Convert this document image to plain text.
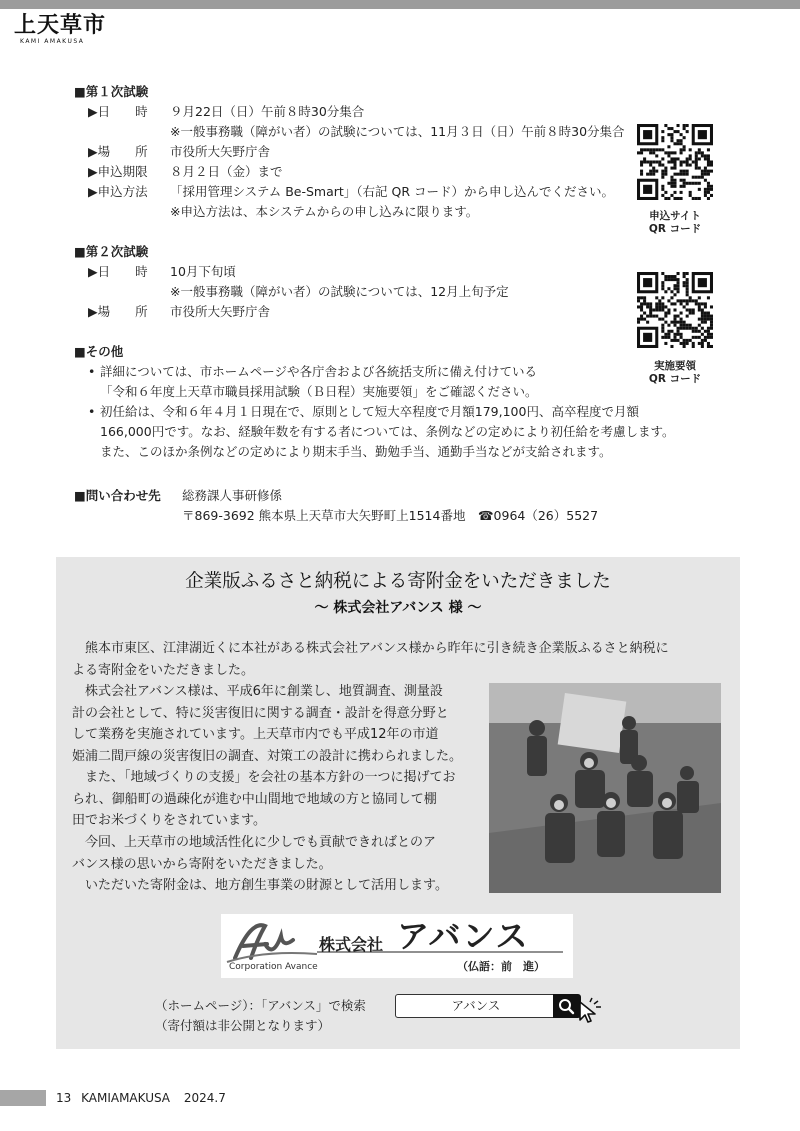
上天草市
KAMI AMAKUSA
■第１次試験
▶日　　時 ９月22日（日）午前８時30分集合
※一般事務職（障がい者）の試験については、11月３日（日）午前８時30分集合
▶場　　所 市役所大矢野庁舎
▶申込期限 ８月２日（金）まで
▶申込方法 「採用管理システム Be-Smart」（右記 QR コード）から申し込んでください。
※申込方法は、本システムからの申し込みに限ります。
■第２次試験
▶日　　時 10月下旬頃
※一般事務職（障がい者）の試験については、12月上旬予定
▶場　　所 市役所大矢野庁舎
申込サイト
QR コード
実施要領
QR コード
■その他
• 詳細については、市ホームページや各庁舎および各統括支所に備え付けている
「令和６年度上天草市職員採用試験（Ｂ日程）実施要領」をご確認ください。
• 初任給は、令和６年４月１日現在で、原則として短大卒程度で月額179,100円、高卒程度で月額
166,000円です。なお、経験年数を有する者については、条例などの定めにより初任給を考慮します。
また、このほか条例などの定めにより期末手当、勤勉手当、通勤手当などが支給されます。
■問い合わせ先 総務課人事研修係
〒869-3692 熊本県上天草市大矢野町上1514番地　☎0964（26）5527
企業版ふるさと納税による寄附金をいただきました
～ 株式会社アバンス 様 ～
　熊本市東区、江津湖近くに本社がある株式会社アバンス様から昨年に引き続き企業版ふるさと納税に
よる寄附金をいただきました。
　株式会社アバンス様は、平成6年に創業し、地質調査、測量設
計の会社として、特に災害復旧に関する調査・設計を得意分野と
して業務を実施されています。上天草市内でも平成12年の市道
姫浦二間戸線の災害復旧の調査、対策工の設計に携わられました。
　また、「地域づくりの支援」を会社の基本方針の一つに掲げてお
られ、御船町の過疎化が進む中山間地で地域の方と協同して棚
田でお米づくりをされています。
　今回、上天草市の地域活性化に少しでも貢献できればとのア
バンス様の思いから寄附をいただきました。
　いただいた寄附金は、地方創生事業の財源として活用します。
株式会社 アバンス
Corporation Avance	（仏語：前　進）
（ホームページ）：「アバンス」で検索	アバンス
（寄付額は非公開となります）
13 KAMIAMAKUSA 2024.7
